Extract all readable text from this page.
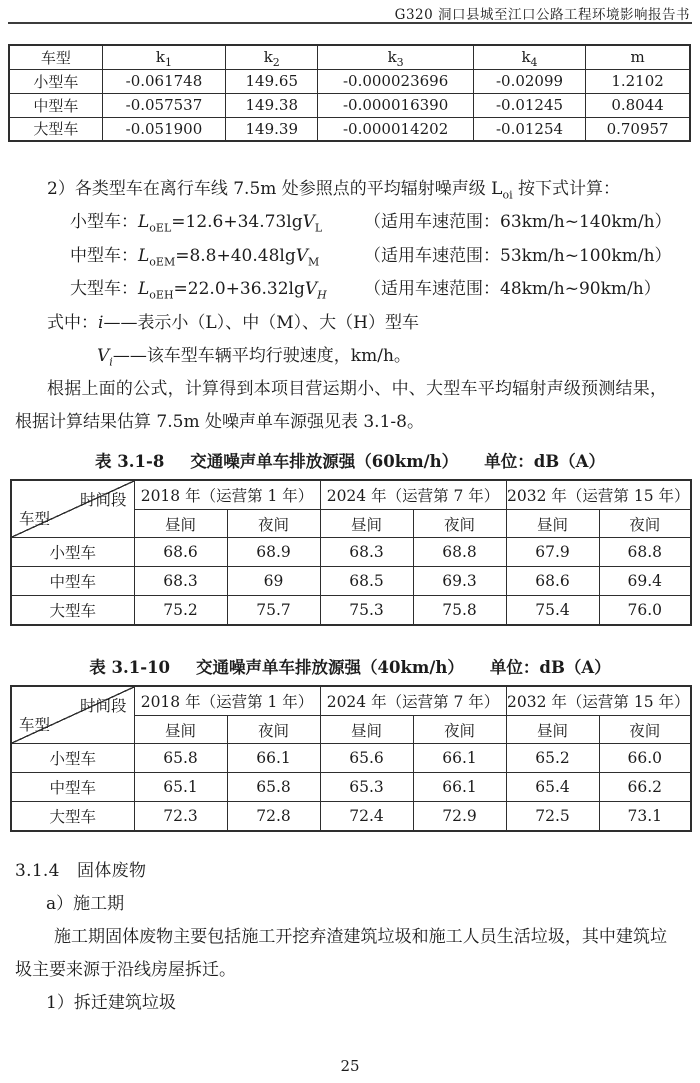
G320 洞口县城至江口公路工程环境影响报告书
车型	$k_1$	$k_2$	$k_3$	$k_4$	m
小型车	-0.061748	149.65	-0.000023696	-0.02099	1.2102
中型车	-0.057537	149.38	-0.000016390	-0.01245	0.8044
大型车	-0.051900	149.39	-0.000014202	-0.01254	0.70957
2）各类型车在离行车线 7.5m 处参照点的平均辐射噪声级 $L_{oi}$ 按下式计算：
小型车：$L_{oEL}=12.6+34.73\lg V_L$ （适用车速范围：63km/h~140km/h）
中型车：$L_{oEM}=8.8+40.48\lg V_M$	（适用车速范围：53km/h~100km/h）
大型车：$L_{oEH}=22.0+36.32\lg V_H$ （适用车速范围：48km/h~90km/h）
式中：i——表示小（L）、中（M）、大（H）型车
$V_i——$该车型车辆平均行驶速度，km/h。
根据上面的公式，计算得到本项目营运期小、中、大型车平均辐射声级预测结果，根据计算结果估算 7.5m 处噪声单车源强见表 3.1-8。
表 3.1-8 交通噪声单车排放源强（60km/h） 单位：dB（A）
时间段
车型	2018 年（运营第 1 年）		2024 年（运营第 7 年）		2032 年（运营第 15 年）	
	昼间	夜间	昼间	夜间	昼间	夜间
小型车	68.6	68.9	68.3	68.8	67.9	68.8
中型车	68.3	69	68.5	69.3	68.6	69.4
大型车	75.2	75.7	75.3	75.8	75.4	76.0
表 3.1-10 交通噪声单车排放源强（40km/h） 单位：dB（A）
时间段
车型	2018 年（运营第 1 年）		2024 年（运营第 7 年）		2032 年（运营第 15 年）	
	昼间	夜间	昼间	夜间	昼间	夜间
小型车	65.8	66.1	65.6	66.1	65.2	66.0
中型车	65.1	65.8	65.3	66.1	65.4	66.2
大型车	72.3	72.8	72.4	72.9	72.5	73.1
3.1.4　固体废物
a）施工期
施工期固体废物主要包括施工开挖弃渣建筑垃圾和施工人员生活垃圾，其中建筑垃圾主要来源于沿线房屋拆迁。
1）拆迁建筑垃圾
25
